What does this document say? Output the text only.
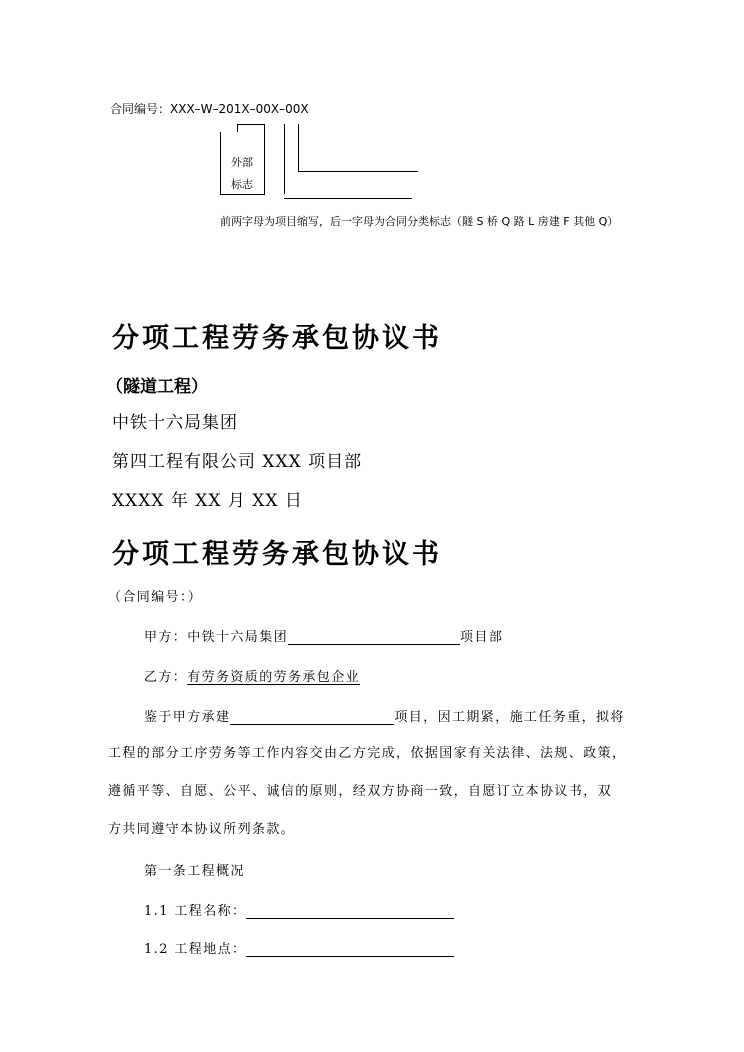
合同编号：XXX–W–201X–00X–00X
外部
标志
前两字母为项目缩写，后一字母为合同分类标志（隧 S 桥 Q 路 L 房建 F 其他 Q）
分项工程劳务承包协议书
（隧道工程）
中铁十六局集团
第四工程有限公司 XXX 项目部
XXXX 年 XX 月 XX 日
分项工程劳务承包协议书
（合同编号：）
甲方：中铁十六局集团	项目部
乙方：有劳务资质的劳务承包企业
鉴于甲方承建	项目，因工期紧，施工任务重，拟将
工程的部分工序劳务等工作内容交由乙方完成，依据国家有关法律、法规、政策，
遵循平等、自愿、公平、诚信的原则，经双方协商一致，自愿订立本协议书，双
方共同遵守本协议所列条款。
第一条工程概况
1.1 工程名称：
1.2 工程地点：
